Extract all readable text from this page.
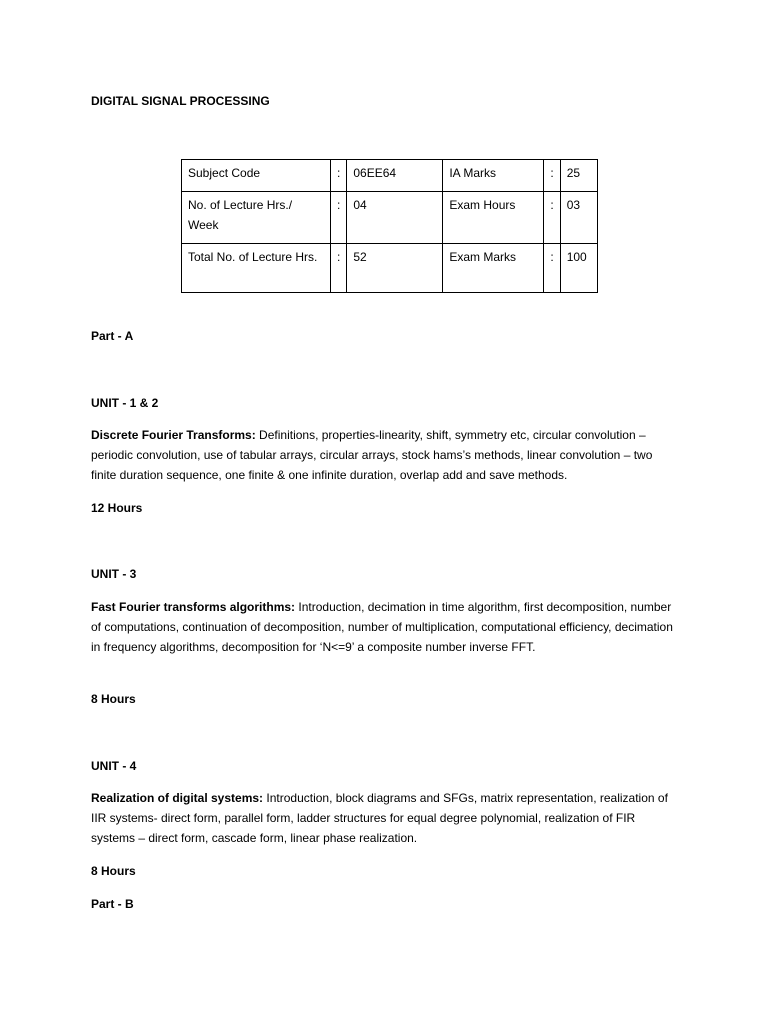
DIGITAL SIGNAL PROCESSING
Subject Code	:	06EE64	IA Marks	:	25
No. of Lecture Hrs./ Week	:	04	Exam Hours	:	03
Total No. of Lecture Hrs.	:	52	Exam Marks	:	100
Part - A
UNIT - 1 & 2
Discrete Fourier Transforms: Definitions, properties-linearity, shift, symmetry etc, circular convolution – periodic convolution, use of tabular arrays, circular arrays, stock hams’s methods, linear convolution – two finite duration sequence, one finite & one infinite duration, overlap add and save methods.
12 Hours
UNIT - 3
Fast Fourier transforms algorithms: Introduction, decimation in time algorithm, first decomposition, number of computations, continuation of decomposition, number of multiplication, computational efficiency, decimation in frequency algorithms, decomposition for ‘N<=9’ a composite number inverse FFT.
8 Hours
UNIT - 4
Realization of digital systems: Introduction, block diagrams and SFGs, matrix representation, realization of IIR systems- direct form, parallel form, ladder structures for equal degree polynomial, realization of FIR systems – direct form, cascade form, linear phase realization.
8 Hours
Part - B
